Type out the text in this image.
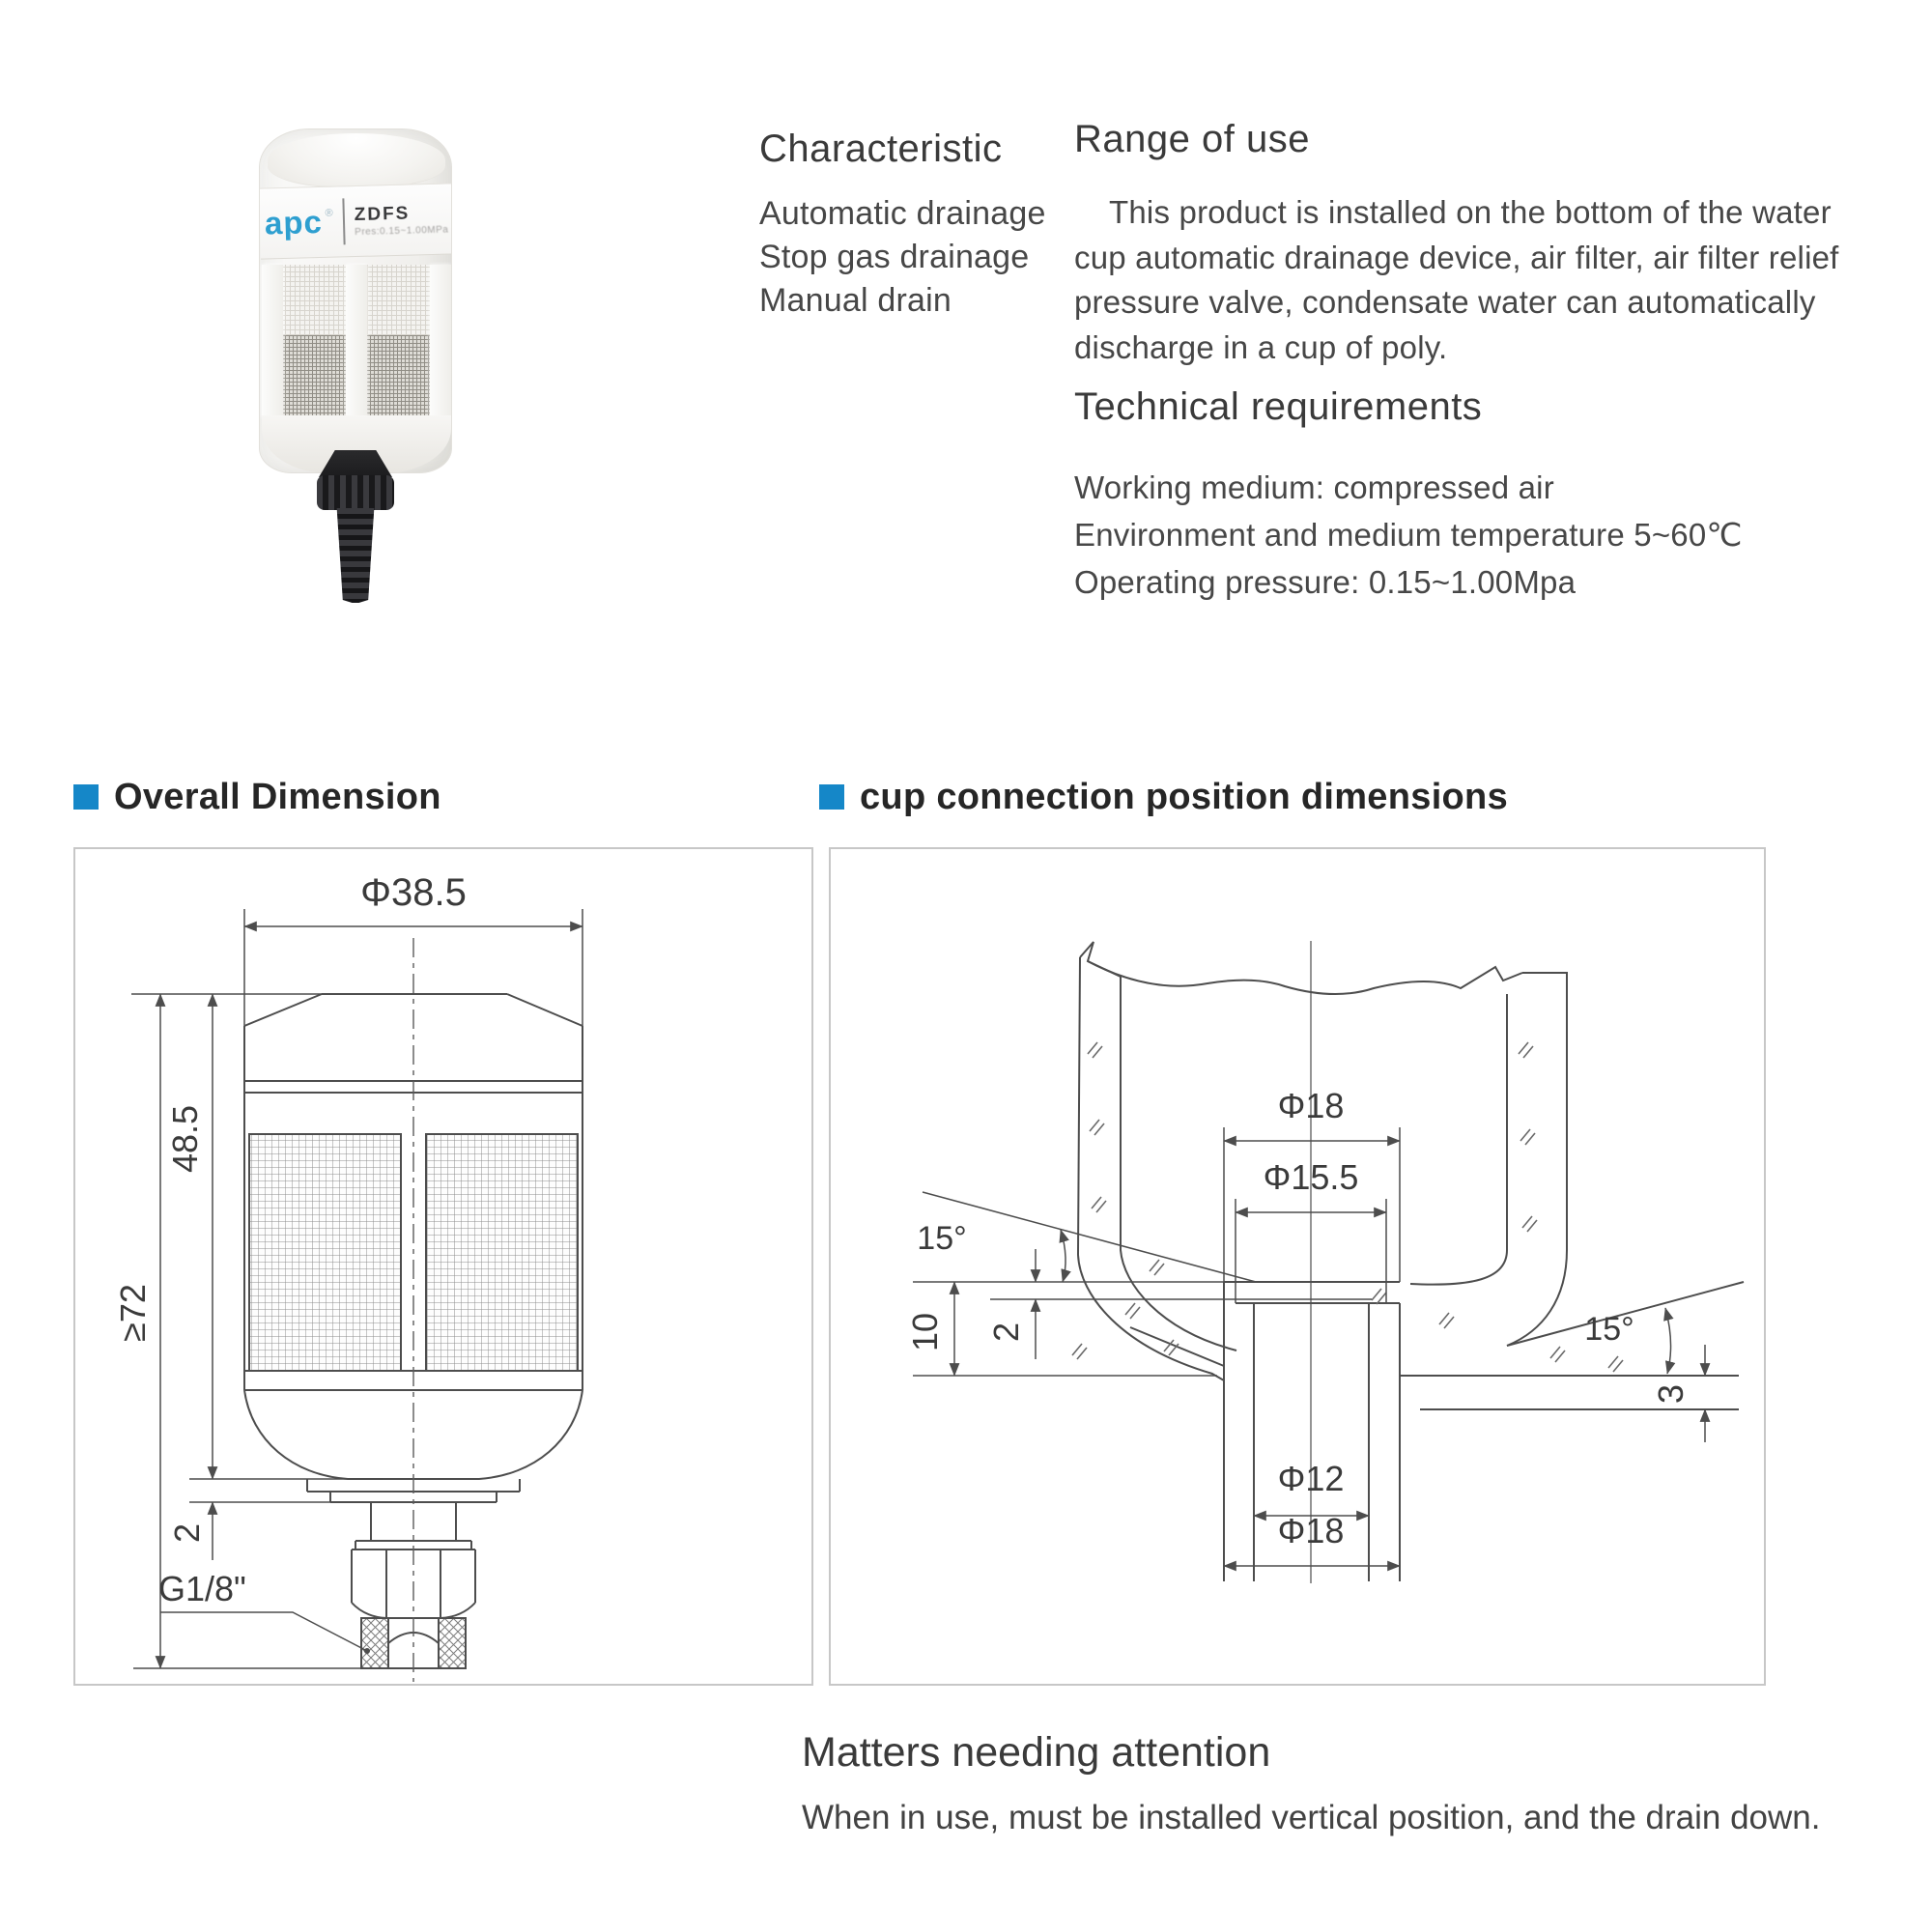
apc ® ZDFS
Pres:0.15~1.00MPa
Characteristic
Automatic drainage
Stop gas drainage
Manual drain
Range of use
This product is installed on the bottom of the water
cup automatic drainage device, air filter, air filter relief
pressure valve, condensate water can automatically
discharge in a cup of poly.
Technical requirements
Working medium: compressed air
Environment and medium temperature 5~60℃
Operating pressure: 0.15~1.00Mpa
Overall Dimension	cup connection position dimensions
Φ38.5
≥72
48.5
2
G1/8"
Φ18
Φ15.5
15°
10 2	15°
3
Φ12
Φ18
Matters needing attention
When in use, must be installed vertical position, and the drain down.
